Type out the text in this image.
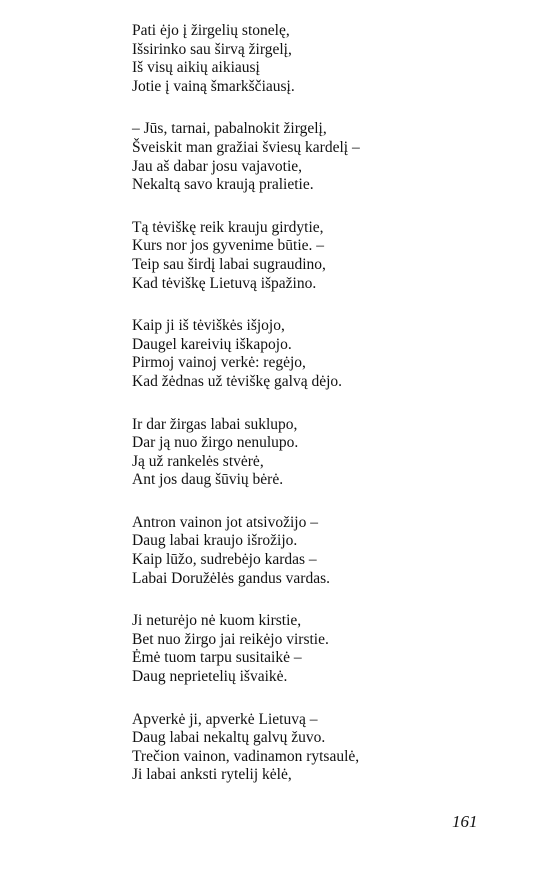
Pati ėjo į žirgelių stonelę,
Išsirinko sau širvą žirgelį,
Iš visų aikių aikiausį
Jotie į vainą šmarkščiausį.
– Jūs, tarnai, pabalnokit žirgelį,
Šveiskit man gražiai šviesų kardelį –
Jau aš dabar josu vajavotie,
Nekaltą savo kraują pralietie.
Tą tėviškę reik krauju girdytie,
Kurs nor jos gyvenime būtie. –
Teip sau širdį labai sugraudino,
Kad tėviškę Lietuvą išpažino.
Kaip ji iš tėviškės išjojo,
Daugel kareivių iškapojo.
Pirmoj vainoj verkė: regėjo,
Kad žėdnas už tėviškę galvą dėjo.
Ir dar žirgas labai suklupo,
Dar ją nuo žirgo nenulupo.
Ją už rankelės stvėrė,
Ant jos daug šūvių bėrė.
Antron vainon jot atsivožijo –
Daug labai kraujo išrožijo.
Kaip lūžo, sudrebėjo kardas –
Labai Doružėlės gandus vardas.
Ji neturėjo nė kuom kirstie,
Bet nuo žirgo jai reikėjo virstie.
Ėmė tuom tarpu susitaikė –
Daug neprietelių išvaikė.
Apverkė ji, apverkė Lietuvą –
Daug labai nekaltų galvų žuvo.
Trečion vainon, vadinamon rytsaulė,
Ji labai anksti rytelij kėlė,
161
